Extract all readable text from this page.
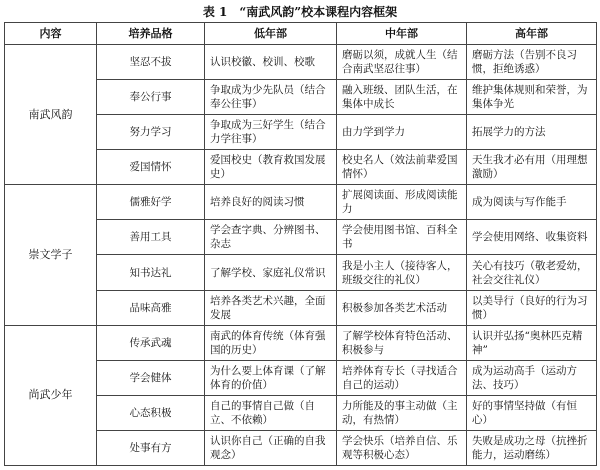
表 1 “南武风韵”校本课程内容框架
内容	培养品格	低年部	中年部	高年部
南武风韵	坚忍不拔	认识校徽、校训、校歌	磨砺以须，成就人生（结合南武坚忍往事）	磨砺方法（告别不良习惯，拒绝诱惑）
	奉公行事	争取成为少先队员（结合奉公往事）	融入班级、团队生活，在集体中成长	维护集体规则和荣誉，为集体争光
	努力学习	争取成为三好学生（结合力学往事）	由力学到学力	拓展学力的方法
	爱国情怀	爱国校史（教育救国发展史）	校史名人（效法前辈爱国情怀）	天生我才必有用（用理想激励）
崇文学子	儒雅好学	培养良好的阅读习惯	扩展阅读面、形成阅读能力	成为阅读与写作能手
	善用工具	学会查字典、分辨图书、杂志	学会使用图书馆、百科全书	学会使用网络、收集资料
	知书达礼	了解学校、家庭礼仪常识	我是小主人（接待客人，班级交往的礼仪）	关心有技巧（敬老爱幼，社会交往礼仪）
	品味高雅	培养各类艺术兴趣，全面发展	积极参加各类艺术活动	以美导行（良好的行为习惯）
尚武少年	传承武魂	南武的体育传统（体育强国的历史）	了解学校体育特色活动、积极参与	认识并弘扬“奥林匹克精神”
	学会健体	为什么要上体育课（了解体育的价值）	培养体育专长（寻找适合自己的运动）	成为运动高手（运动方法、技巧）
	心态积极	自己的事情自己做（自立、不依赖）	力所能及的事主动做（主动，有热情）	好的事情坚持做（有恒心）
	处事有方	认识你自己（正确的自我观念）	学会快乐（培养自信、乐观等积极心态）	失败是成功之母（抗挫折能力，运动磨练）
